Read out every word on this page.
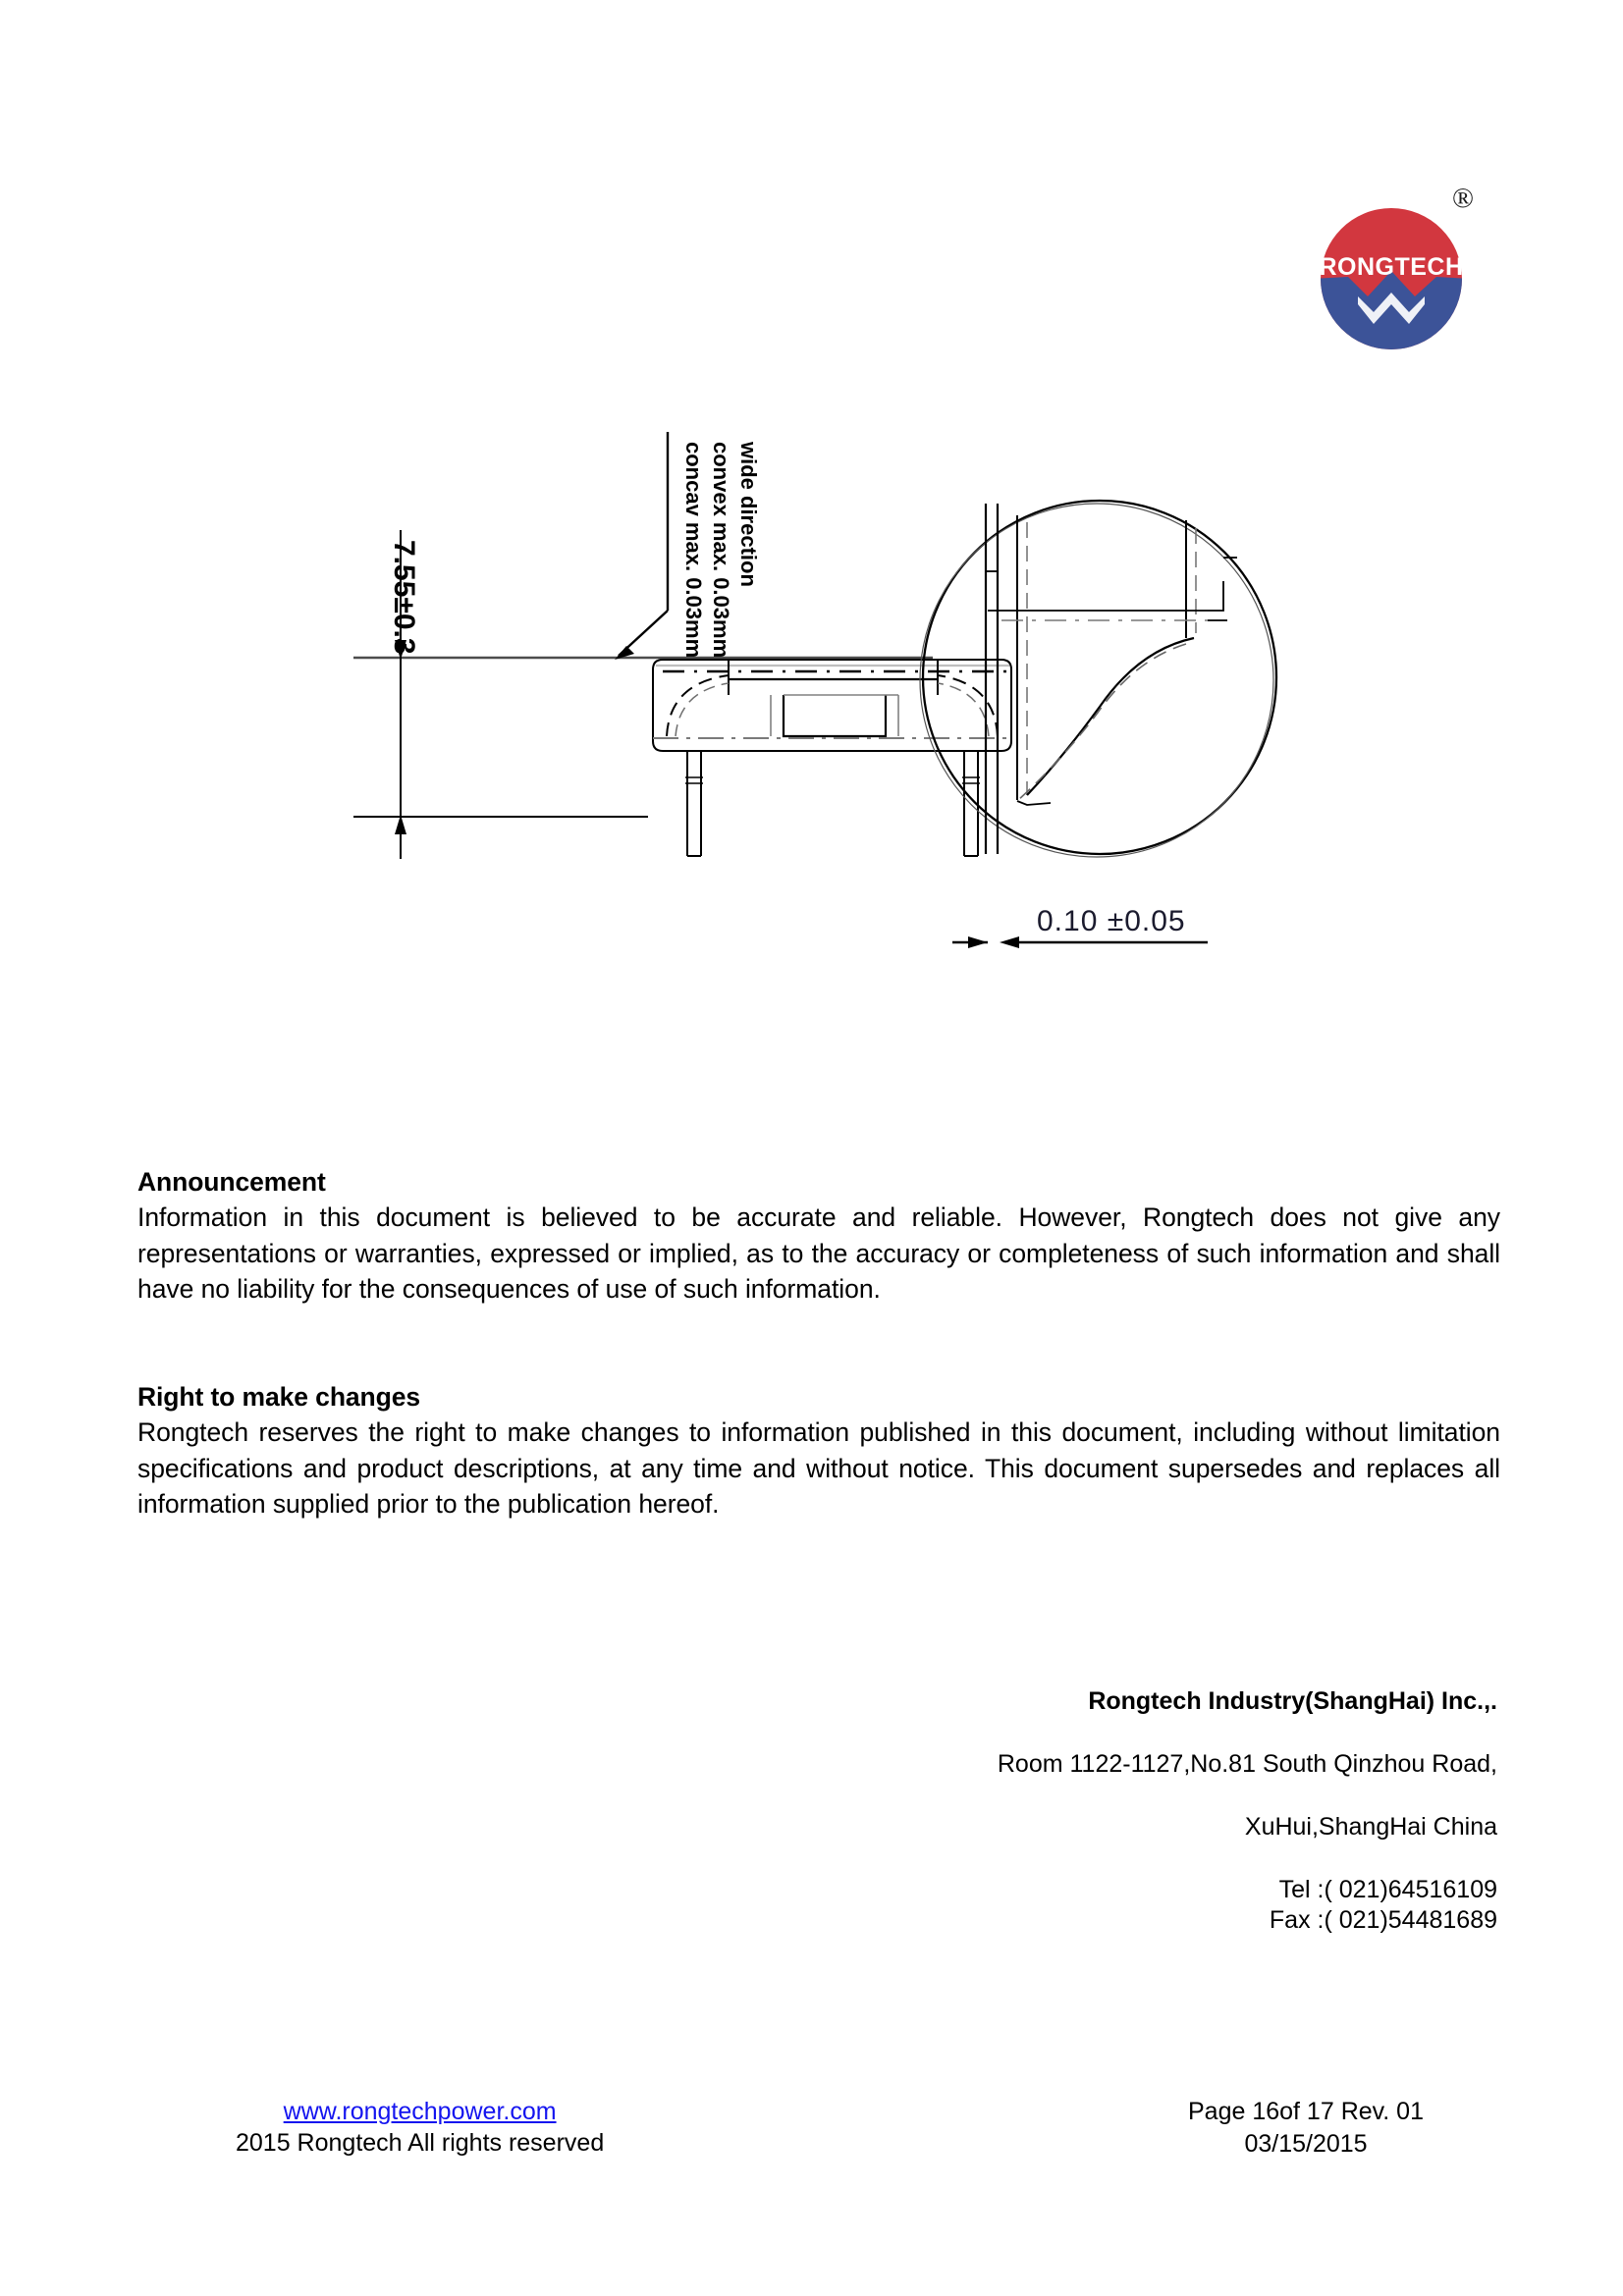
RONGTECH
®
7.55±0.3
wide direction
convex max. 0.03mm
concav max. 0.03mm
0.10 ±0.05
Announcement
Information in this document is believed to be accurate and reliable. However, Rongtech does not give any representations or warranties, expressed or implied, as to the accuracy or completeness of such information and shall have no liability for the consequences of use of such information.
Right to make changes
Rongtech reserves the right to make changes to information published in this document, including without limitation specifications and product descriptions, at any time and without notice. This document supersedes and replaces all information supplied prior to the publication hereof.
Rongtech Industry(ShangHai) Inc.,.
Room 1122-1127,No.81 South Qinzhou Road,
XuHui,ShangHai China
Tel :( 021)64516109
Fax :( 021)54481689
www.rongtechpower.com
2015 Rongtech All rights reserved
Page 16of 17 Rev. 01
03/15/2015
